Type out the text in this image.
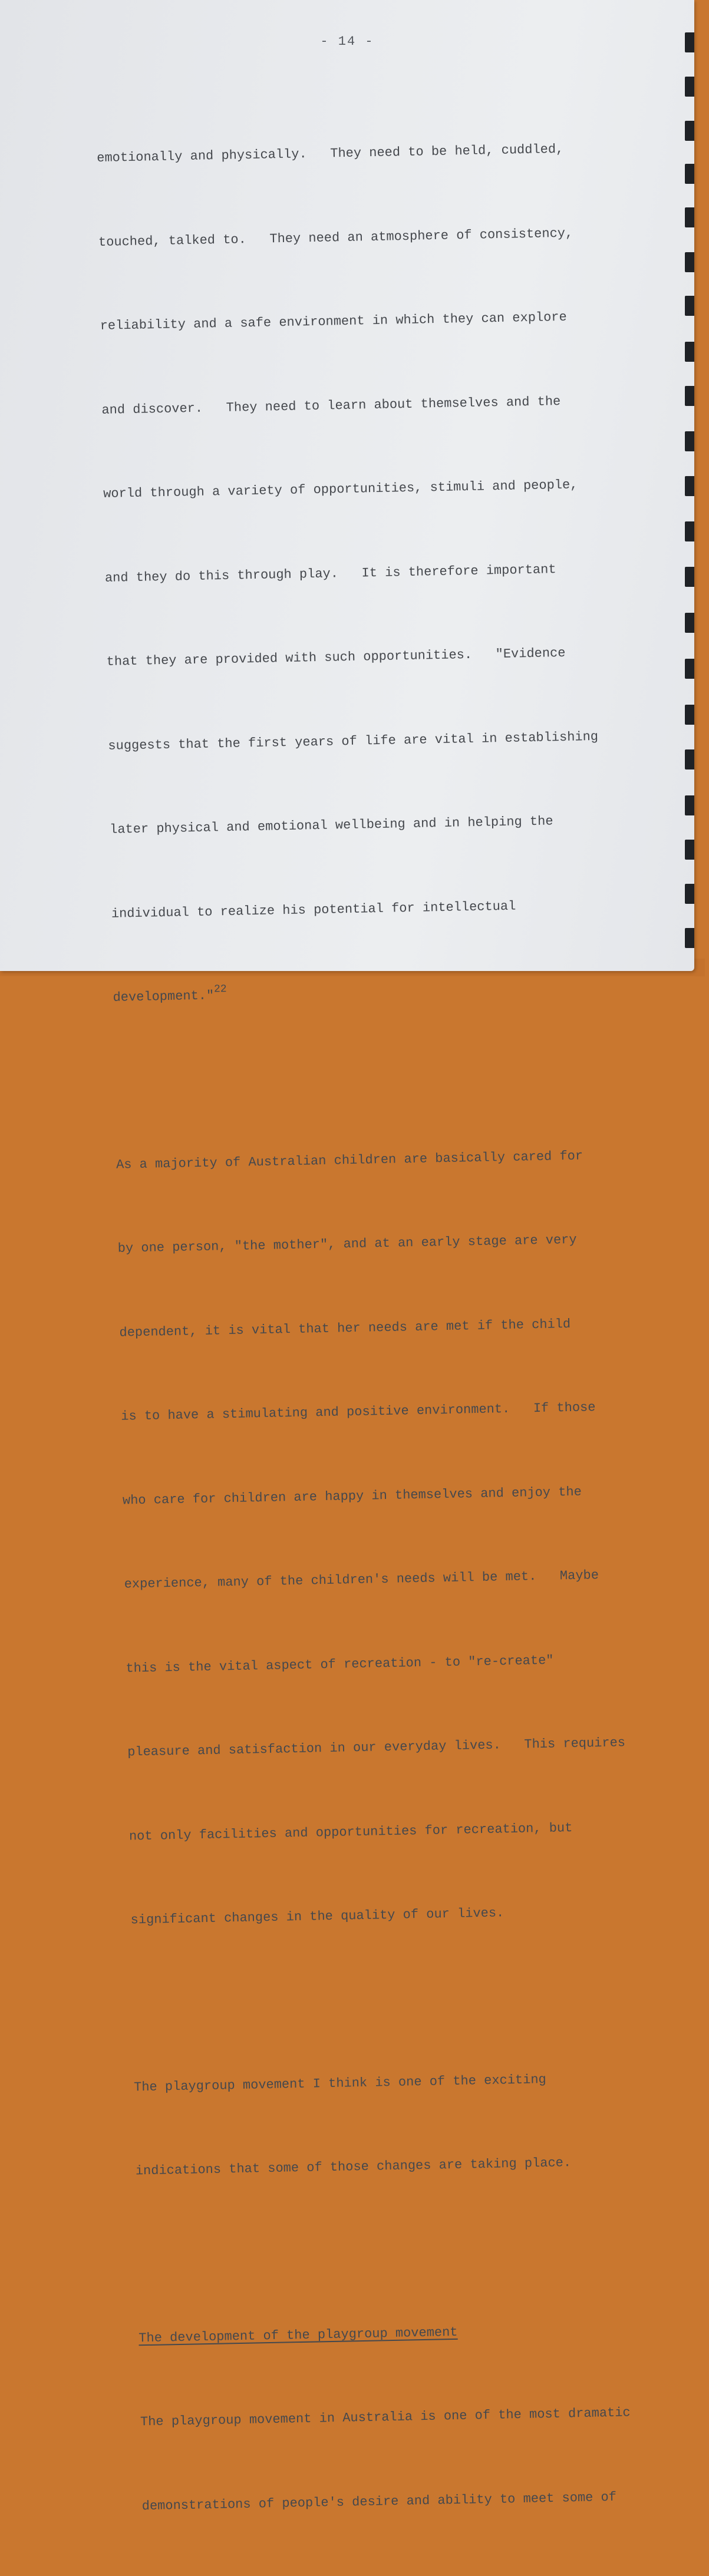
- 14 -

emotionally and physically.   They need to be held, cuddled,

touched, talked to.   They need an atmosphere of consistency,

reliability and a safe environment in which they can explore

and discover.   They need to learn about themselves and the

world through a variety of opportunities, stimuli and people,

and they do this through play.   It is therefore important

that they are provided with such opportunities.   "Evidence

suggests that the first years of life are vital in establishing

later physical and emotional wellbeing and in helping the

individual to realize his potential for intellectual

development."$^{22}$

As a majority of Australian children are basically cared for

by one person, "the mother", and at an early stage are very

dependent, it is vital that her needs are met if the child

is to have a stimulating and positive environment.   If those

who care for children are happy in themselves and enjoy the

experience, many of the children's needs will be met.   Maybe

this is the vital aspect of recreation - to "re-create"

pleasure and satisfaction in our everyday lives.   This requires

not only facilities and opportunities for recreation, but

significant changes in the quality of our lives.

The playgroup movement I think is one of the exciting

indications that some of those changes are taking place.

The development of the playgroup movement

The playgroup movement in Australia is one of the most dramatic

demonstrations of people's desire and ability to meet some of
